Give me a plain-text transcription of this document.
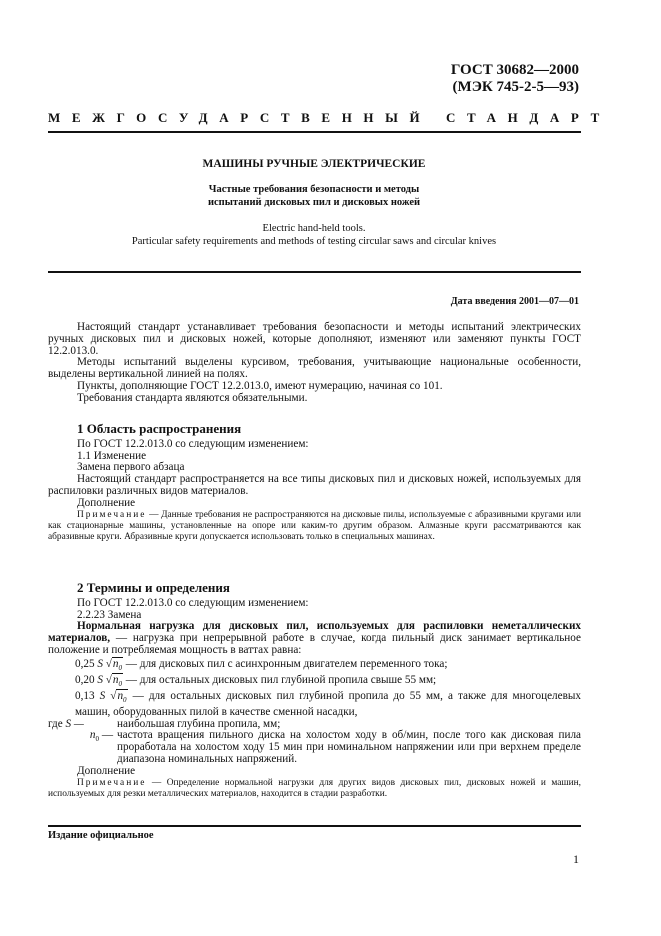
ГОСТ 30682—2000
(МЭК 745-2-5—93)
МЕЖГОСУДАРСТВЕННЫЙ СТАНДАРТ
МАШИНЫ РУЧНЫЕ ЭЛЕКТРИЧЕСКИЕ
Частные требования безопасности и методы
испытаний дисковых пил и дисковых ножей
Electric hand-held tools.
Particular safety requirements and methods of testing circular saws and circular knives
Дата введения 2001—07—01

Настоящий стандарт устанавливает требования безопасности и методы испытаний электрических ручных дисковых пил и дисковых ножей, которые дополняют, изменяют или заменяют пункты ГОСТ 12.2.013.0.

Методы испытаний выделены курсивом, требования, учитывающие национальные особенности, выделены вертикальной линией на полях.

Пункты, дополняющие ГОСТ 12.2.013.0, имеют нумерацию, начиная со 101.

Требования стандарта являются обязательными.

1 Область распространения

По ГОСТ 12.2.013.0 со следующим изменением:

1.1 Изменение

Замена первого абзаца

Настоящий стандарт распространяется на все типы дисковых пил и дисковых ножей, используемых для распиловки различных видов материалов.

Дополнение

Примечание — Данные требования не распространяются на дисковые пилы, используемые с абразивными кругами или как стационарные машины, установленные на опоре или каким-то другим образом. Алмазные круги рассматриваются как абразивные круги. Абразивные круги допускается использовать только в специальных машинах.

2 Термины и определения

По ГОСТ 12.2.013.0 со следующим изменением:

2.2.23 Замена

Нормальная нагрузка для дисковых пил, используемых для распиловки неметаллических материалов, — нагрузка при непрерывной работе в случае, когда пильный диск занимает вертикальное положение и потребляемая мощность в ваттах равна:

0,25 S $√n_0$ — для дисковых пил с асинхронным двигателем переменного тока;

0,20 S $√n_0$ — для остальных дисковых пил глубиной пропила свыше 55 мм;

0,13 S $√n_0$ — для остальных дисковых пил глубиной пропила до 55 мм, а также для многоцелевых машин, оборудованных пилой в качестве сменной насадки,

где S —	наибольшая глубина пропила, мм;
$n_0$ — частота вращения пильного диска на холостом ходу в об/мин, после того как дисковая пила проработала на холостом ходу 15 мин при номинальном напряжении или при верхнем пределе диапазона номинальных напряжений.

Дополнение

Примечание — Определение нормальной нагрузки для других видов дисковых пил, дисковых ножей и машин, используемых для резки металлических материалов, находится в стадии разработки.

Издание официальное
1
